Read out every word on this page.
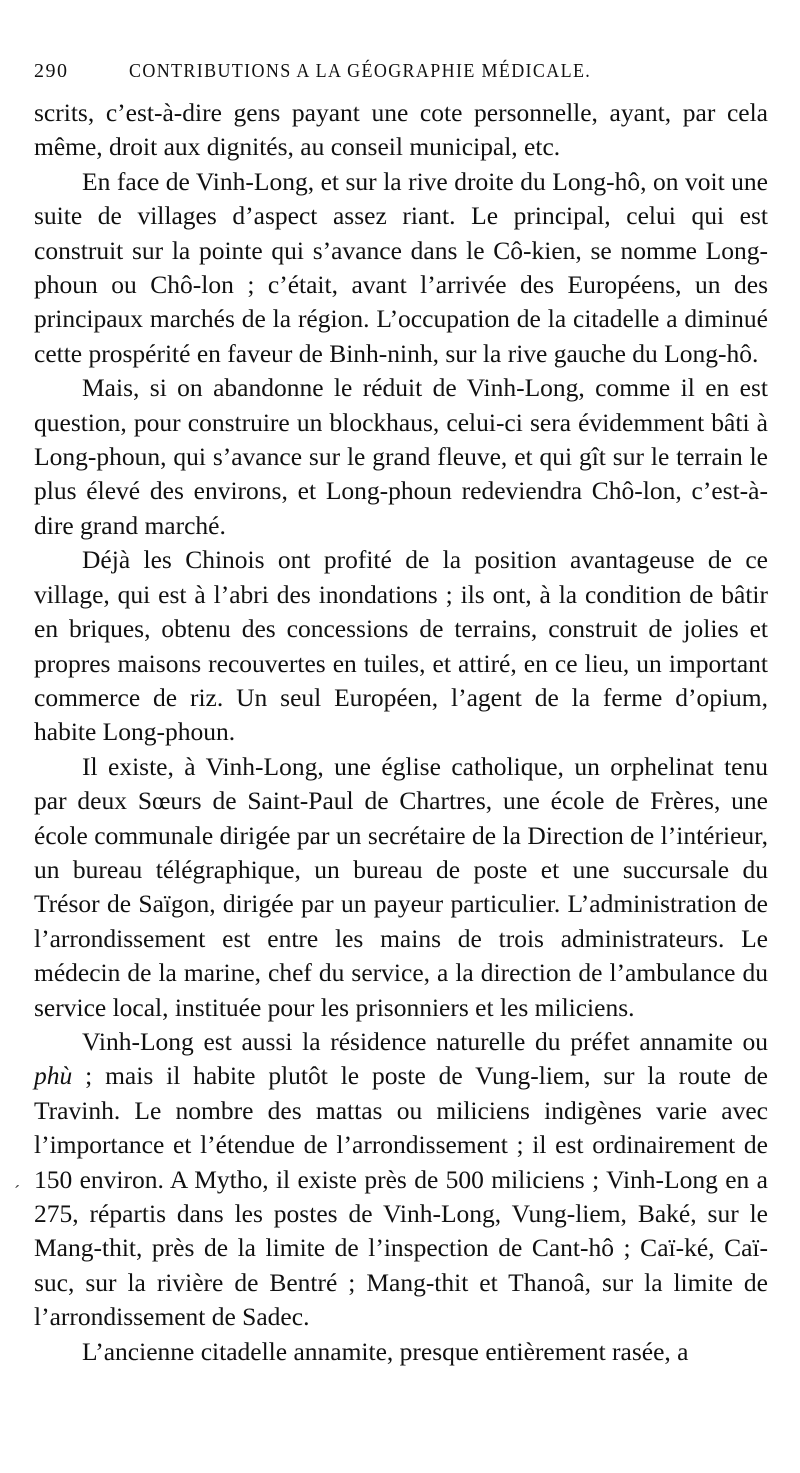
290	CONTRIBUTIONS A LA GÉOGRAPHIE MÉDICALE.
´

scrits, c’est-à-dire gens payant une cote personnelle, ayant, par cela même, droit aux dignités, au conseil municipal, etc.

En face de Vinh-Long, et sur la rive droite du Long-hô, on voit une suite de villages d’aspect assez riant. Le principal, celui qui est construit sur la pointe qui s’avance dans le Cô-kien, se nomme Long-phoun ou Chô-lon ; c’était, avant l’arrivée des Européens, un des principaux marchés de la région. L’occupation de la citadelle a diminué cette prospérité en faveur de Binh-ninh, sur la rive gauche du Long-hô.

Mais, si on abandonne le réduit de Vinh-Long, comme il en est question, pour construire un blockhaus, celui-ci sera évidemment bâti à Long-phoun, qui s’avance sur le grand fleuve, et qui gît sur le terrain le plus élevé des environs, et Long-phoun redeviendra Chô-lon, c’est-à-dire grand marché.

Déjà les Chinois ont profité de la position avantageuse de ce village, qui est à l’abri des inondations ; ils ont, à la condition de bâtir en briques, obtenu des concessions de terrains, construit de jolies et propres maisons recouvertes en tuiles, et attiré, en ce lieu, un important commerce de riz. Un seul Européen, l’agent de la ferme d’opium, habite Long-phoun.

Il existe, à Vinh-Long, une église catholique, un orphelinat tenu par deux Sœurs de Saint-Paul de Chartres, une école de Frères, une école communale dirigée par un secrétaire de la Direction de l’intérieur, un bureau télégraphique, un bureau de poste et une succursale du Trésor de Saïgon, dirigée par un payeur particulier. L’administration de l’arrondissement est entre les mains de trois administrateurs. Le médecin de la marine, chef du service, a la direction de l’ambulance du service local, instituée pour les prisonniers et les miliciens.

Vinh-Long est aussi la résidence naturelle du préfet annamite ou phù ; mais il habite plutôt le poste de Vung-liem, sur la route de Travinh. Le nombre des mattas ou miliciens indigènes varie avec l’importance et l’étendue de l’arrondissement ; il est ordinairement de 150 environ. A Mytho, il existe près de 500 miliciens ; Vinh-Long en a 275, répartis dans les postes de Vinh-Long, Vung-liem, Baké, sur le Mang-thit, près de la limite de l’inspection de Cant-hô ; Caï-ké, Caï-suc, sur la rivière de Bentré ; Mang-thit et Thanoâ, sur la limite de l’arrondissement de Sadec.

L’ancienne citadelle annamite, presque entièrement rasée, a
